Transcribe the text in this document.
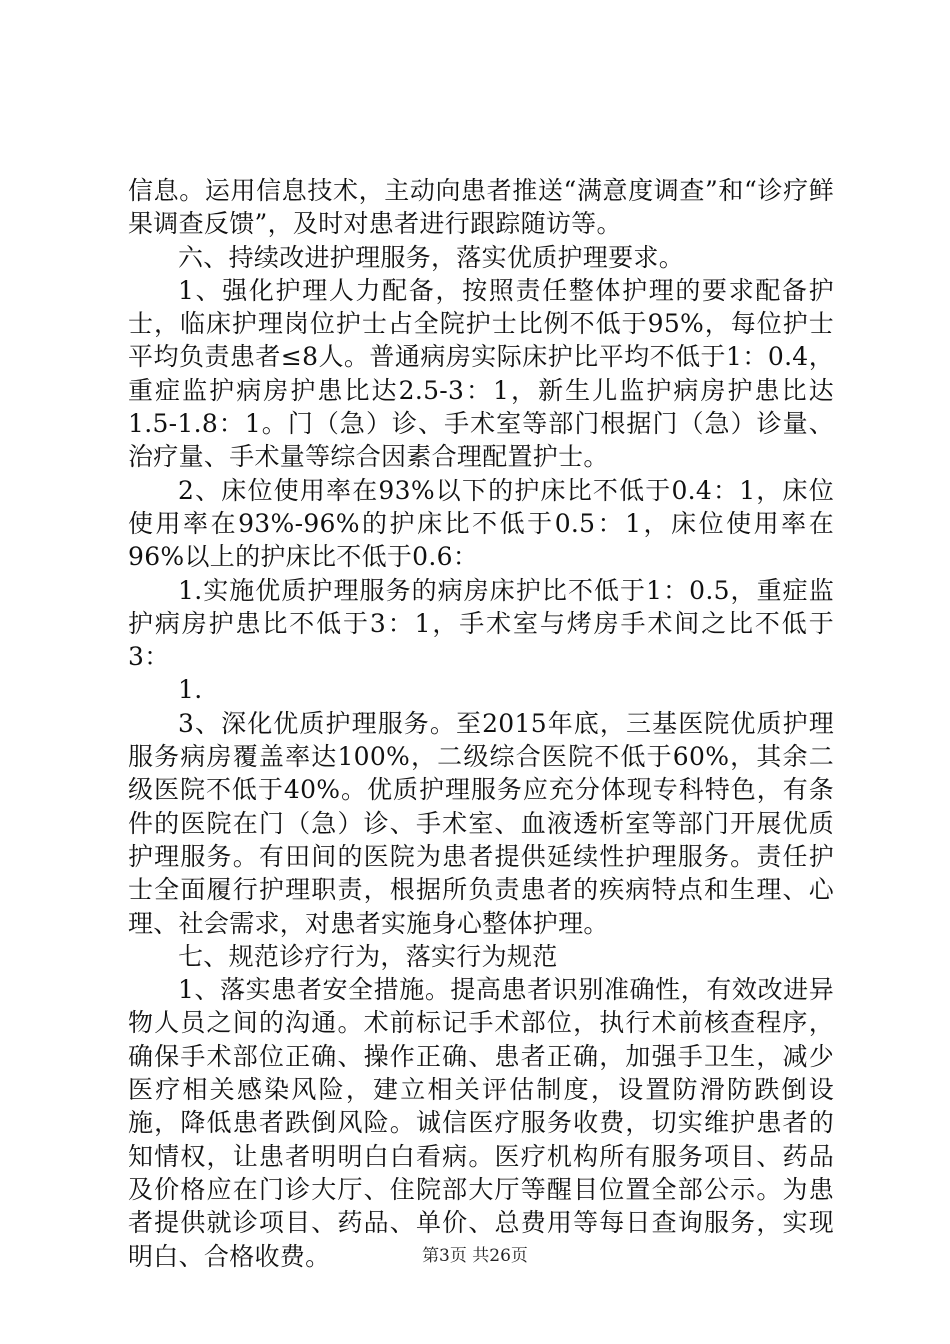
信息。运用信息技术，主动向患者推送“满意度调查”和“诊疗鲜果调查反馈”，及时对患者进行跟踪随访等。

六、持续改进护理服务，落实优质护理要求。

1、强化护理人力配备，按照责任整体护理的要求配备护士，临床护理岗位护士占全院护士比例不低于95%，每位护士平均负责患者≤8人。普通病房实际床护比平均不低于1：0.4，重症监护病房护患比达2.5-3：1，新生儿监护病房护患比达1.5-1.8：1。门（急）诊、手术室等部门根据门（急）诊量、治疗量、手术量等综合因素合理配置护士。

2、床位使用率在93%以下的护床比不低于0.4：1，床位使用率在93%-96%的护床比不低于0.5：1，床位使用率在96%以上的护床比不低于0.6：

1.实施优质护理服务的病房床护比不低于1：0.5，重症监护病房护患比不低于3：1，手术室与烤房手术间之比不低于3：

1.

3、深化优质护理服务。至2015年底，三基医院优质护理服务病房覆盖率达100%，二级综合医院不低于60%，其余二级医院不低于40%。优质护理服务应充分体现专科特色，有条件的医院在门（急）诊、手术室、血液透析室等部门开展优质护理服务。有田间的医院为患者提供延续性护理服务。责任护士全面履行护理职责，根据所负责患者的疾病特点和生理、心理、社会需求，对患者实施身心整体护理。

七、规范诊疗行为，落实行为规范

1、落实患者安全措施。提高患者识别准确性，有效改进异物人员之间的沟通。术前标记手术部位，执行术前核查程序，确保手术部位正确、操作正确、患者正确，加强手卫生，减少医疗相关感染风险，建立相关评估制度，设置防滑防跌倒设施，降低患者跌倒风险。诚信医疗服务收费，切实维护患者的知情权，让患者明明白白看病。医疗机构所有服务项目、药品及价格应在门诊大厅、住院部大厅等醒目位置全部公示。为患者提供就诊项目、药品、单价、总费用等每日查询服务，实现明白、合格收费。	第3页 共26页
